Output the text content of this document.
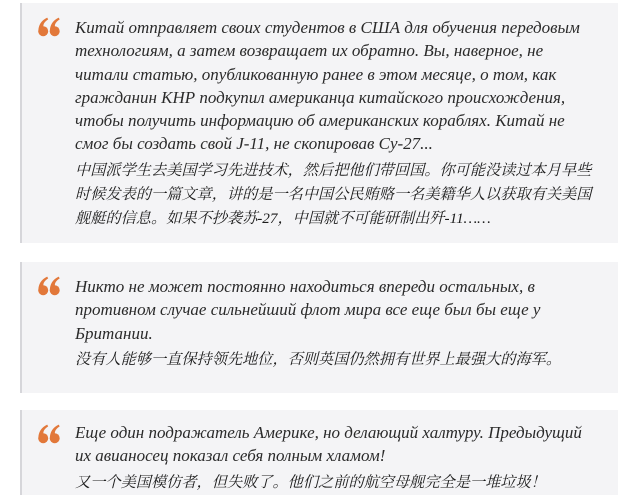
Китай отправляет своих студентов в США для обучения передовым
технологиям, а затем возвращает их обратно. Вы, наверное, не
читали статью, опубликованную ранее в этом месяце, о том, как
гражданин КНР подкупил американца китайского происхождения,
чтобы получить информацию об американских кораблях. Китай не
смог бы создать свой J-11, не скопировав Су-27...
中国派学生去美国学习先进技术，然后把他们带回国。你可能没读过本月早些
时候发表的一篇文章，讲的是一名中国公民贿赂一名美籍华人以获取有关美国
舰艇的信息。如果不抄袭苏-27，中国就不可能研制出歼-11……
Никто не может постоянно находиться впереди остальных, в
противном случае сильнейший флот мира все еще был бы еще у
Британии.
没有人能够一直保持领先地位，否则英国仍然拥有世界上最强大的海军。
Еще один подражатель Америке, но делающий халтуру. Предыдущий
их авианосец показал себя полным хламом!
又一个美国模仿者，但失败了。他们之前的航空母舰完全是一堆垃圾！
